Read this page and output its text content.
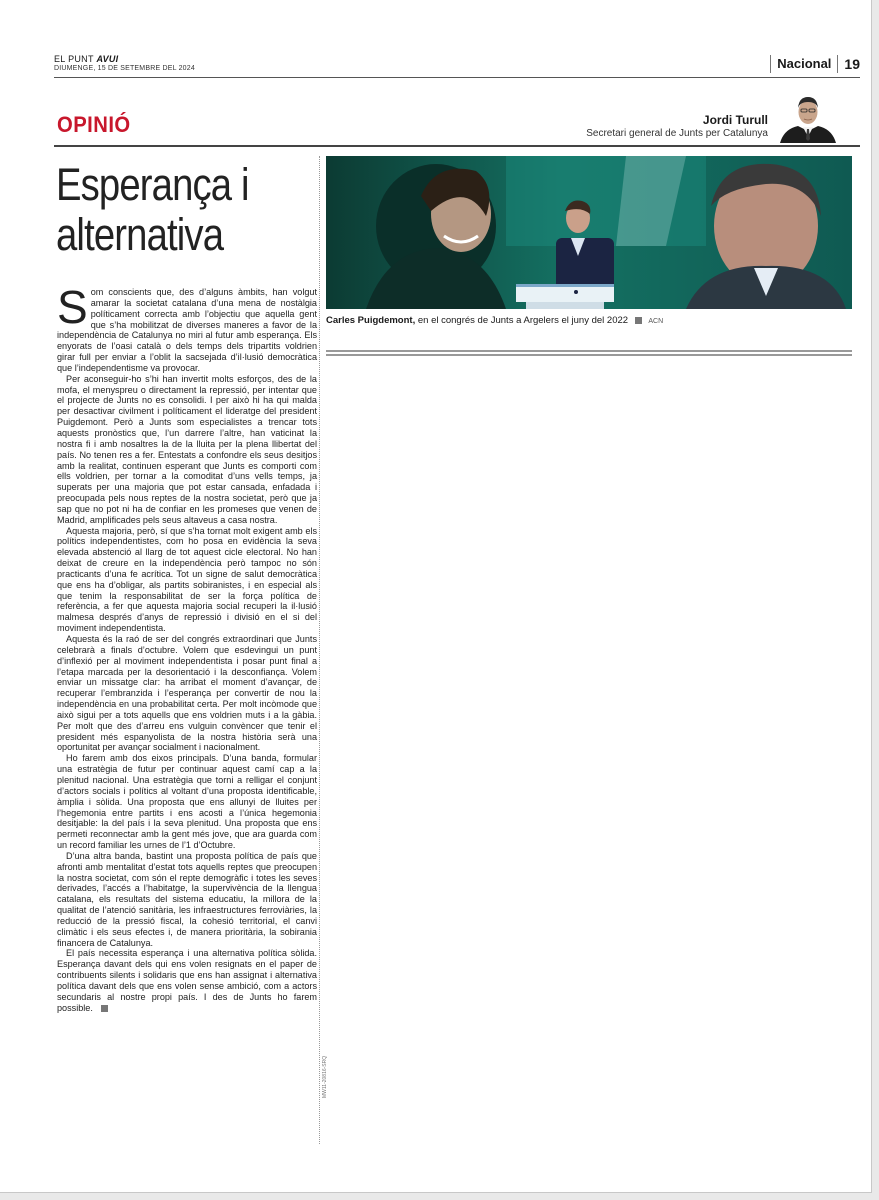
EL PUNT AVUI
DIUMENGE, 15 DE SETEMBRE DEL 2024	Nacional 19
OPINIÓ	Jordi Turull
Secretari general de Junts per Catalunya
Esperança i
alternativa

Som conscients que, des d’alguns àmbits, han volgut amarar la societat catalana d’una mena de nostàlgia políticament correcta amb l’objectiu que aquella gent que s’ha mobilitzat de diverses maneres a favor de la independència de Catalunya no miri al futur amb esperança. Els enyorats de l’oasi català o dels temps dels tripartits voldrien girar full per enviar a l’oblit la sacsejada d’il·lusió democràtica que l’independentisme va provocar.

Per aconseguir-ho s’hi han invertit molts esforços, des de la mofa, el menyspreu o directament la repressió, per intentar que el projecte de Junts no es consolidi. I per això hi ha qui malda per desactivar civilment i políticament el lideratge del president Puigdemont. Però a Junts som especialistes a trencar tots aquests pronòstics que, l’un darrere l’altre, han vaticinat la nostra fi i amb nosaltres la de la lluita per la plena llibertat del país. No tenen res a fer. Entestats a confondre els seus desitjos amb la realitat, continuen esperant que Junts es comporti com ells voldrien, per tornar a la comoditat d’uns vells temps, ja superats per una majoria que pot estar cansada, enfadada i preocupada pels nous reptes de la nostra societat, però que ja sap que no pot ni ha de confiar en les promeses que venen de Madrid, amplificades pels seus altaveus a casa nostra.

Aquesta majoria, però, sí que s’ha tornat molt exigent amb els polítics independentistes, com ho posa en evidència la seva elevada abstenció al llarg de tot aquest cicle electoral. No han deixat de creure en la independència però tampoc no són practicants d’una fe acrítica. Tot un signe de salut democràtica que ens ha d’obligar, als partits sobiranistes, i en especial als que tenim la responsabilitat de ser la força política de referència, a fer que aquesta majoria social recuperi la il·lusió malmesa després d’anys de repressió i divisió en el si del moviment independentista.

Aquesta és la raó de ser del congrés extraordinari que Junts celebrarà a finals d’octubre. Volem que esdevingui un punt d’inflexió per al moviment independentista i posar punt final a l’etapa marcada per la desorientació i la desconfiança. Volem enviar un missatge clar: ha arribat el moment d’avançar, de recuperar l’embranzida i l’esperança per convertir de nou la independència en una probabilitat certa. Per molt incòmode que això sigui per a tots aquells que ens voldrien muts i a la gàbia. Per molt que des d’arreu ens vulguin convèncer que tenir el president més espanyolista de la nostra història serà una oportunitat per avançar socialment i nacionalment.

Ho farem amb dos eixos principals. D’una banda, formular una estratègia de futur per continuar aquest camí cap a la plenitud nacional. Una estratègia que torni a relligar el conjunt d’actors socials i polítics al voltant d’una proposta identificable, àmplia i sòlida. Una proposta que ens allunyi de lluites per l’hegemonia entre partits i ens acosti a l’única hegemonia desitjable: la del país i la seva plenitud. Una proposta que ens permeti reconnectar amb la gent més jove, que ara guarda com un record familiar les urnes de l’1 d’Octubre.

D’una altra banda, bastint una proposta política de país que afronti amb mentalitat d’estat tots aquells reptes que preocupen la nostra societat, com són el repte demogràfic i totes les seves derivades, l’accés a l’habitatge, la supervivència de la llengua catalana, els resultats del sistema educatiu, la millora de la qualitat de l’atenció sanitària, les infraestructures ferroviàries, la reducció de la pressió fiscal, la cohesió territorial, el canvi climàtic i els seus efectes i, de manera prioritària, la sobirania financera de Catalunya.

El país necessita esperança i una alternativa política sòlida. Esperança davant dels qui ens volen resignats en el paper de contribuents silents i solidaris que ens han assignat i alternativa política davant dels que ens volen sense ambició, com a actors secundaris al nostre propi país. I des de Junts ho farem possible.

Carles Puigdemont, en el congrés de Junts a Argelers el juny del 2022	ACN
MW11-20816-SRQ
